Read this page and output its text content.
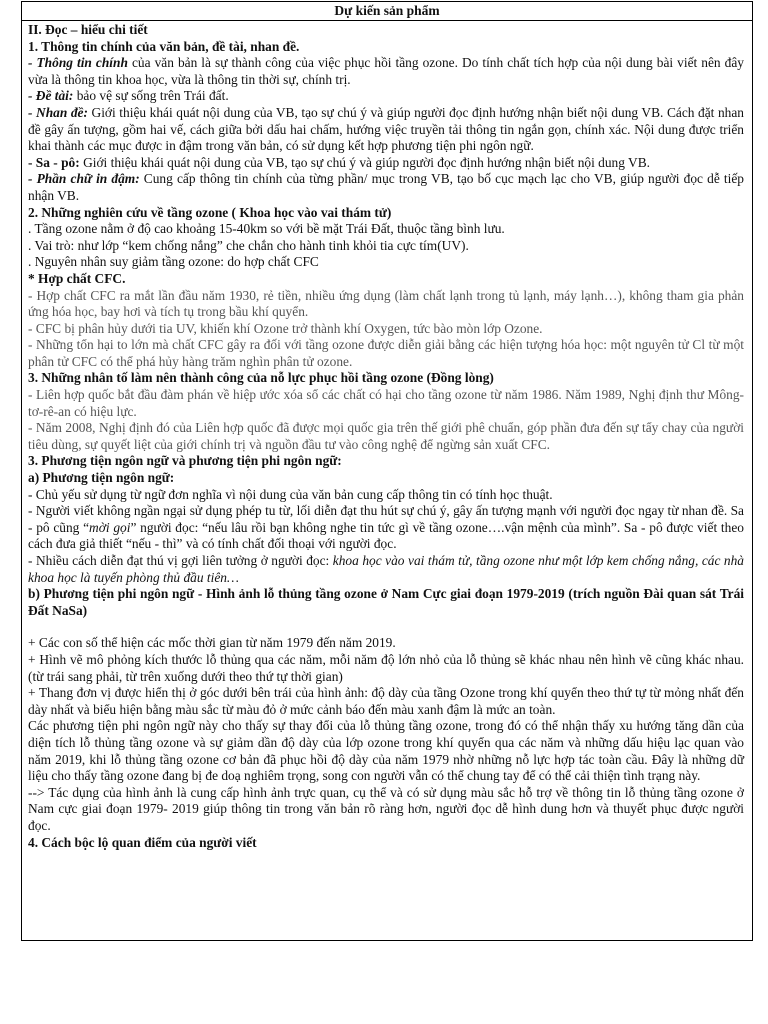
Dự kiến sản phẩm

II. Đọc – hiểu chi tiết

1. Thông tin chính của văn bản, đề tài, nhan đề.

- Thông tin chính của văn bản là sự thành công của việc phục hồi tầng ozone. Do tính chất tích hợp của nội dung bài viết nên đây vừa là thông tin khoa học, vừa là thông tin thời sự, chính trị.

- Đề tài: bảo vệ sự sống trên Trái đất.

- Nhan đề: Giới thiệu khái quát nội dung của VB, tạo sự chú ý và giúp người đọc định hướng nhận biết nội dung VB. Cách đặt nhan đề gây ấn tượng, gồm hai vế, cách giữa bởi dấu hai chấm, hướng việc truyền tải thông tin ngắn gọn, chính xác. Nội dung được triển khai thành các mục được in đậm trong văn bản, có sử dụng kết hợp phương tiện phi ngôn ngữ.

- Sa - pô: Giới thiệu khái quát nội dung của VB, tạo sự chú ý và giúp người đọc định hướng nhận biết nội dung VB.

- Phần chữ in đậm: Cung cấp thông tin chính của từng phần/ mục trong VB, tạo bố cục mạch lạc cho VB, giúp người đọc dễ tiếp nhận VB.

2. Những nghiên cứu về tầng ozone ( Khoa học vào vai thám tử)

. Tầng ozone nằm ở độ cao khoảng 15-40km so với bề mặt Trái Đất, thuộc tầng bình lưu.

. Vai trò: như lớp “kem chống nắng” che chắn cho hành tinh khỏi tia cực tím(UV).

. Nguyên nhân suy giảm tầng ozone: do hợp chất CFC

* Hợp chất CFC.

- Hợp chất CFC ra mắt lần đầu năm 1930, rẻ tiền, nhiều ứng dụng (làm chất lạnh trong tủ lạnh, máy lạnh…), không tham gia phản ứng hóa học, bay hơi và tích tụ trong bầu khí quyển.

- CFC bị phân hủy dưới tia UV, khiến khí Ozone trở thành khí Oxygen, tức bào mòn lớp Ozone.

- Những tổn hại to lớn mà chất CFC gây ra đối với tầng ozone được diễn giải bằng các hiện tượng hóa học: một nguyên tử Cl từ một phân tử CFC có thể phá hủy hàng trăm nghìn phân tử ozone.

3. Những nhân tố làm nên thành công của nỗ lực phục hồi tầng ozone (Đồng lòng)

- Liên hợp quốc bắt đầu đàm phán về hiệp ước xóa sổ các chất có hại cho tầng ozone từ năm 1986. Năm 1989, Nghị định thư Mông-tơ-rê-an có hiệu lực.

- Năm 2008, Nghị định đó của Liên hợp quốc đã được mọi quốc gia trên thế giới phê chuẩn, góp phần đưa đến sự tẩy chay của người tiêu dùng, sự quyết liệt của giới chính trị và nguồn đầu tư vào công nghệ để ngừng sản xuất CFC.

3. Phương tiện ngôn ngữ và phương tiện phi ngôn ngữ:

a) Phương tiện ngôn ngữ:

- Chủ yếu sử dụng từ ngữ đơn nghĩa vì nội dung của văn bản cung cấp thông tin có tính học thuật.

- Người viết không ngần ngại sử dụng phép tu từ, lối diễn đạt thu hút sự chú ý, gây ấn tượng mạnh với người đọc ngay từ nhan đề. Sa - pô cũng “mời gọi” người đọc: “nếu lâu rồi bạn không nghe tin tức gì về tầng ozone….vận mệnh của mình”. Sa - pô được viết theo cách đưa giả thiết “nếu - thì” và có tính chất đối thoại với người đọc.

- Nhiều cách diễn đạt thú vị gợi liên tưởng ở người đọc: khoa học vào vai thám tử, tầng ozone như một lớp kem chống nắng, các nhà khoa học là tuyến phòng thủ đầu tiên…

b) Phương tiện phi ngôn ngữ - Hình ảnh lỗ thủng tầng ozone ở Nam Cực giai đoạn 1979-2019 (trích nguồn Đài quan sát Trái Đất NaSa)

+ Các con số thể hiện các mốc thời gian từ năm 1979 đến năm 2019.

+ Hình vẽ mô phỏng kích thước lỗ thủng qua các năm, mỗi năm độ lớn nhỏ của lỗ thủng sẽ khác nhau nên hình vẽ cũng khác nhau.(từ trái sang phải, từ trên xuống dưới theo thứ tự thời gian)

+ Thang đơn vị được hiển thị ở góc dưới bên trái của hình ảnh: độ dày của tầng Ozone trong khí quyển theo thứ tự từ mỏng nhất đến dày nhất và biểu hiện bằng màu sắc từ màu đỏ ở mức cảnh báo đến màu xanh đậm là mức an toàn.

Các phương tiện phi ngôn ngữ này cho thấy sự thay đổi của lỗ thủng tầng ozone, trong đó có thể nhận thấy xu hướng tăng dần của diện tích lỗ thủng tầng ozone và sự giảm dần độ dày của lớp ozone trong khí quyển qua các năm và những dấu hiệu lạc quan vào năm 2019, khi lỗ thủng tầng ozone cơ bản đã phục hồi độ dày của năm 1979 nhờ những nỗ lực hợp tác toàn cầu. Đây là những dữ liệu cho thấy tầng ozone đang bị đe doạ nghiêm trọng, song con người vẫn có thể chung tay để có thể cải thiện tình trạng này.

--> Tác dụng của hình ảnh là cung cấp hình ảnh trực quan, cụ thể và có sử dụng màu sắc hỗ trợ về thông tin lỗ thủng tầng ozone ở Nam cực giai đoạn 1979- 2019 giúp thông tin trong văn bản rõ ràng hơn, người đọc dễ hình dung hơn và thuyết phục được người đọc.

4. Cách bộc lộ quan điểm của người viết
